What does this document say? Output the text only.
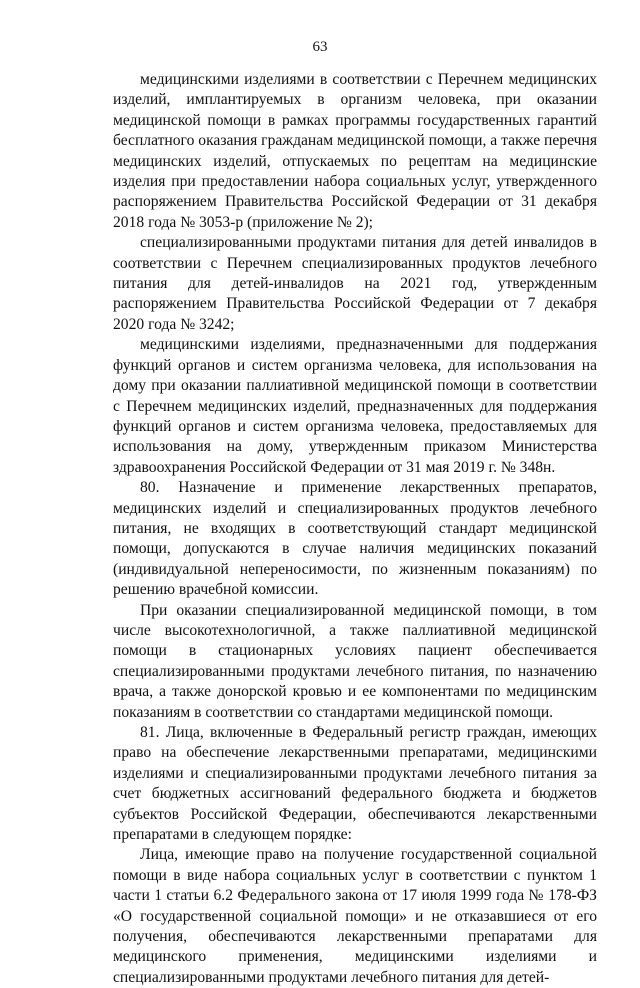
63

медицинскими изделиями в соответствии с Перечнем медицинских изделий, имплантируемых в организм человека, при оказании медицинской помощи в рамках программы государственных гарантий бесплатного оказания гражданам медицинской помощи, а также перечня медицинских изделий, отпускаемых по рецептам на медицинские изделия при предоставлении набора социальных услуг, утвержденного распоряжением Правительства Российской Федерации от 31 декабря 2018 года № 3053-р (приложение № 2);

специализированными продуктами питания для детей инвалидов в соответствии с Перечнем специализированных продуктов лечебного питания для детей-инвалидов на 2021 год, утвержденным распоряжением Правительства Российской Федерации от 7 декабря 2020 года № 3242;

медицинскими изделиями, предназначенными для поддержания функций органов и систем организма человека, для использования на дому при оказании паллиативной медицинской помощи в соответствии с Перечнем медицинских изделий, предназначенных для поддержания функций органов и систем организма человека, предоставляемых для использования на дому, утвержденным приказом Министерства здравоохранения Российской Федерации от 31 мая 2019 г. № 348н.

80. Назначение и применение лекарственных препаратов, медицинских изделий и специализированных продуктов лечебного питания, не входящих в соответствующий стандарт медицинской помощи, допускаются в случае наличия медицинских показаний (индивидуальной непереносимости, по жизненным показаниям) по решению врачебной комиссии.

При оказании специализированной медицинской помощи, в том числе высокотехнологичной, а также паллиативной медицинской помощи в стационарных условиях пациент обеспечивается специализированными продуктами лечебного питания, по назначению врача, а также донорской кровью и ее компонентами по медицинским показаниям в соответствии со стандартами медицинской помощи.

81. Лица, включенные в Федеральный регистр граждан, имеющих право на обеспечение лекарственными препаратами, медицинскими изделиями и специализированными продуктами лечебного питания за счет бюджетных ассигнований федерального бюджета и бюджетов субъектов Российской Федерации, обеспечиваются лекарственными препаратами в следующем порядке:

Лица, имеющие право на получение государственной социальной помощи в виде набора социальных услуг в соответствии с пунктом 1 части 1 статьи 6.2 Федерального закона от 17 июля 1999 года № 178-ФЗ «О государственной социальной помощи» и не отказавшиеся от его получения, обеспечиваются лекарственными препаратами для медицинского применения, медицинскими изделиями и специализированными продуктами лечебного питания для детей-
